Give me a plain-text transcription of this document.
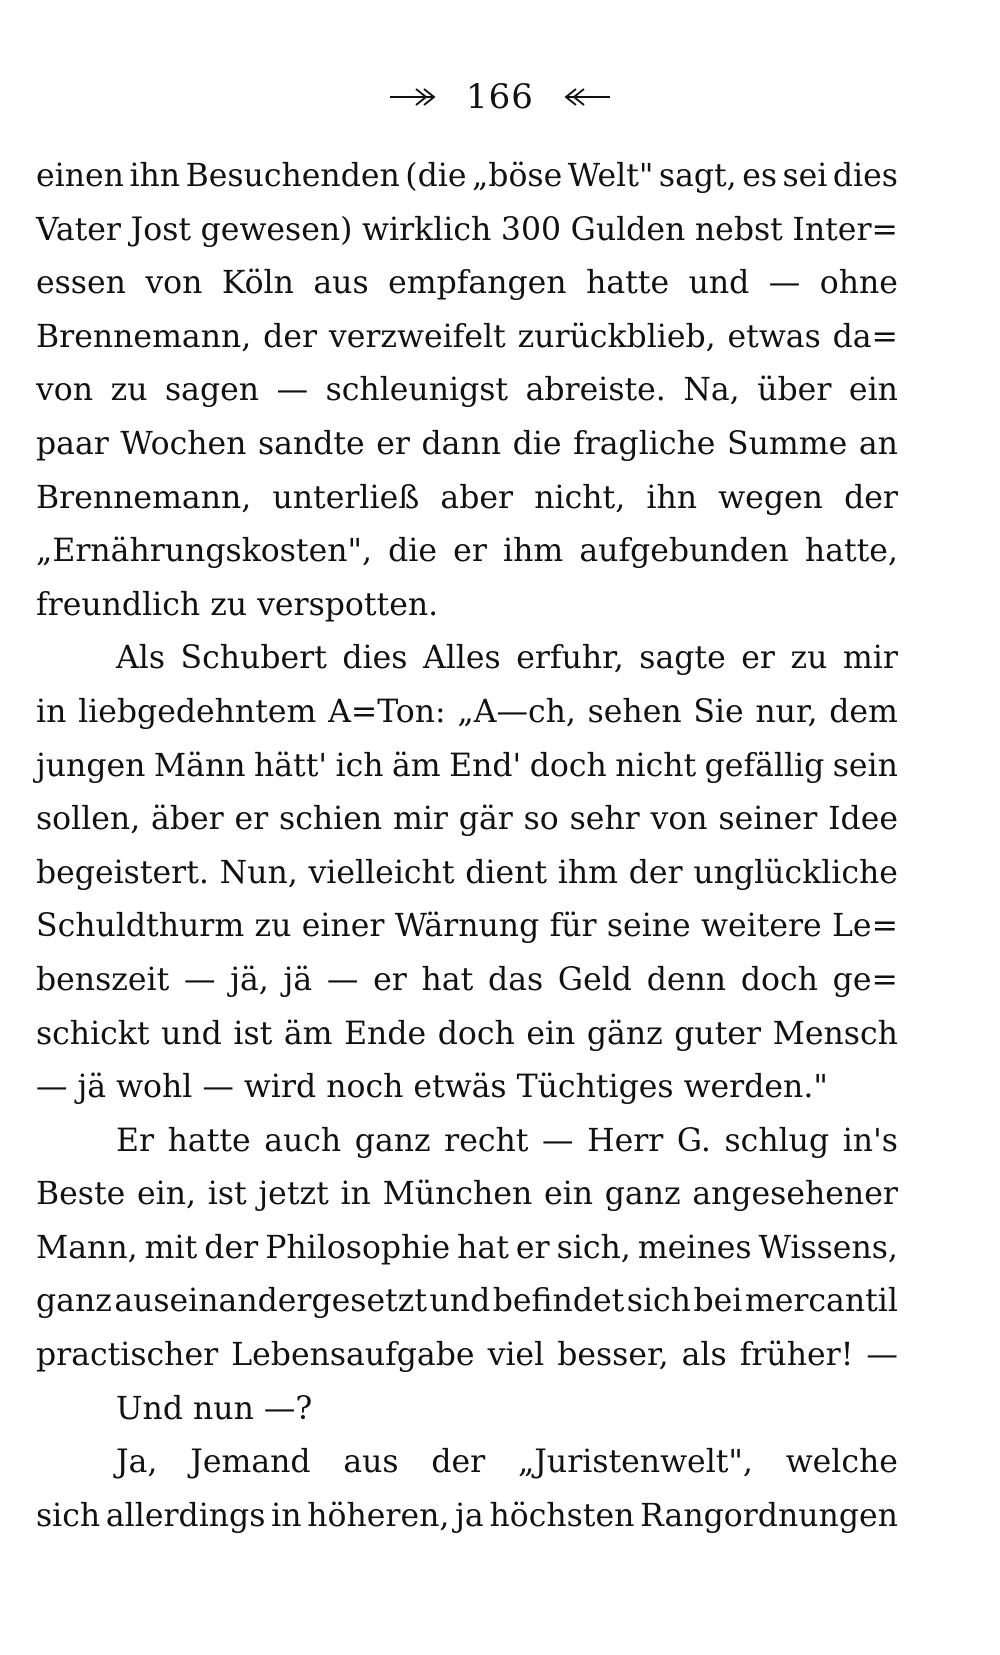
166
einen ihn Besuchenden (die „böse Welt" sagt, es sei dies
Vater Jost gewesen) wirklich 300 Gulden nebst Inter=
essen von Köln aus empfangen hatte und — ohne
Brennemann, der verzweifelt zurückblieb, etwas da=
von zu sagen — schleunigst abreiste. Na, über ein
paar Wochen sandte er dann die fragliche Summe an
Brennemann, unterließ aber nicht, ihn wegen der
„Ernährungskosten", die er ihm aufgebunden hatte,
freundlich
zu
verspotten.
Als Schubert dies Alles erfuhr, sagte er zu mir
in liebgedehntem A=Ton: „A—ch, sehen Sie nur, dem
jungen Männ hätt' ich äm End' doch nicht gefällig sein
sollen, äber er schien mir gär so sehr von seiner Idee
begeistert. Nun, vielleicht dient ihm der unglückliche
Schuldthurm zu einer Wärnung für seine weitere Le=
benszeit — jä, jä — er hat das Geld denn doch ge=
schickt und ist äm Ende doch ein gänz guter Mensch
—
jä
wohl
—
wird
noch
etwäs
Tüchtiges
werden."
Er hatte auch ganz recht — Herr G. schlug in's
Beste ein, ist jetzt in München ein ganz angesehener
Mann, mit der Philosophie hat er sich, meines Wissens,
ganz auseinandergesetzt und befindet sich bei mercantil
practischer Lebensaufgabe viel besser, als früher! —
Und
nun
—?
Ja, Jemand aus der „Juristenwelt", welche
sich allerdings in höheren, ja höchsten Rangordnungen
